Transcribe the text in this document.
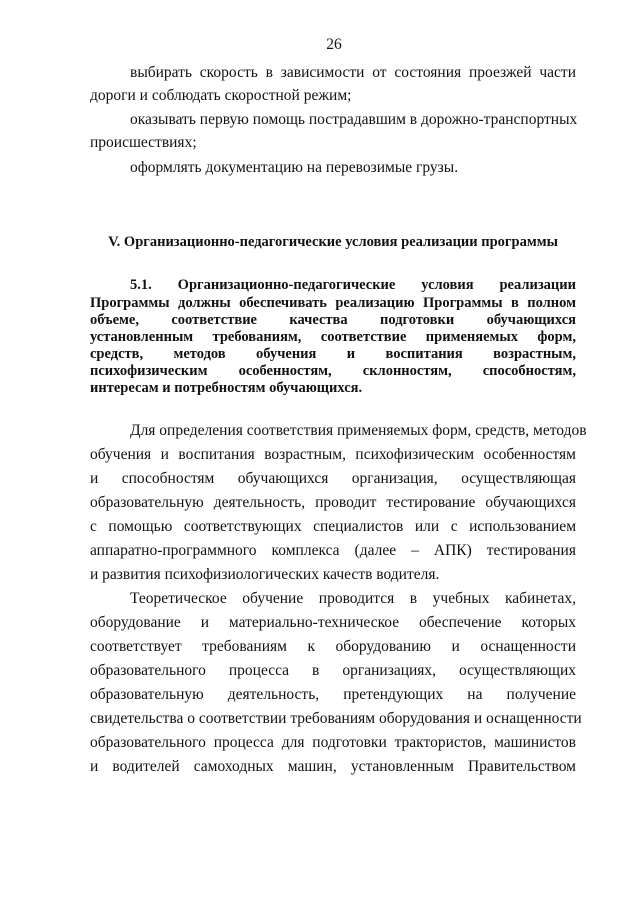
26
выбирать скорость в зависимости от состояния проезжей части
дороги и соблюдать скоростной режим;
оказывать первую помощь пострадавшим в дорожно-транспортных
происшествиях;
оформлять документацию на перевозимые грузы.
V. Организационно-педагогические условия реализации программы
5.1. Организационно-педагогические условия реализации
Программы должны обеспечивать реализацию Программы в полном
объеме, соответствие качества подготовки обучающихся
установленным требованиям, соответствие применяемых форм,
средств, методов обучения и воспитания возрастным,
психофизическим особенностям, склонностям, способностям,
интересам и потребностям обучающихся.
Для определения соответствия применяемых форм, средств, методов
обучения и воспитания возрастным, психофизическим особенностям
и способностям обучающихся организация, осуществляющая
образовательную деятельность, проводит тестирование обучающихся
с помощью соответствующих специалистов или с использованием
аппаратно-программного комплекса (далее – АПК) тестирования
и развития психофизиологических качеств водителя.
Теоретическое обучение проводится в учебных кабинетах,
оборудование и материально-техническое обеспечение которых
соответствует требованиям к оборудованию и оснащенности
образовательного процесса в организациях, осуществляющих
образовательную деятельность, претендующих на получение
свидетельства о соответствии требованиям оборудования и оснащенности
образовательного процесса для подготовки трактористов, машинистов
и водителей самоходных машин, установленным Правительством
